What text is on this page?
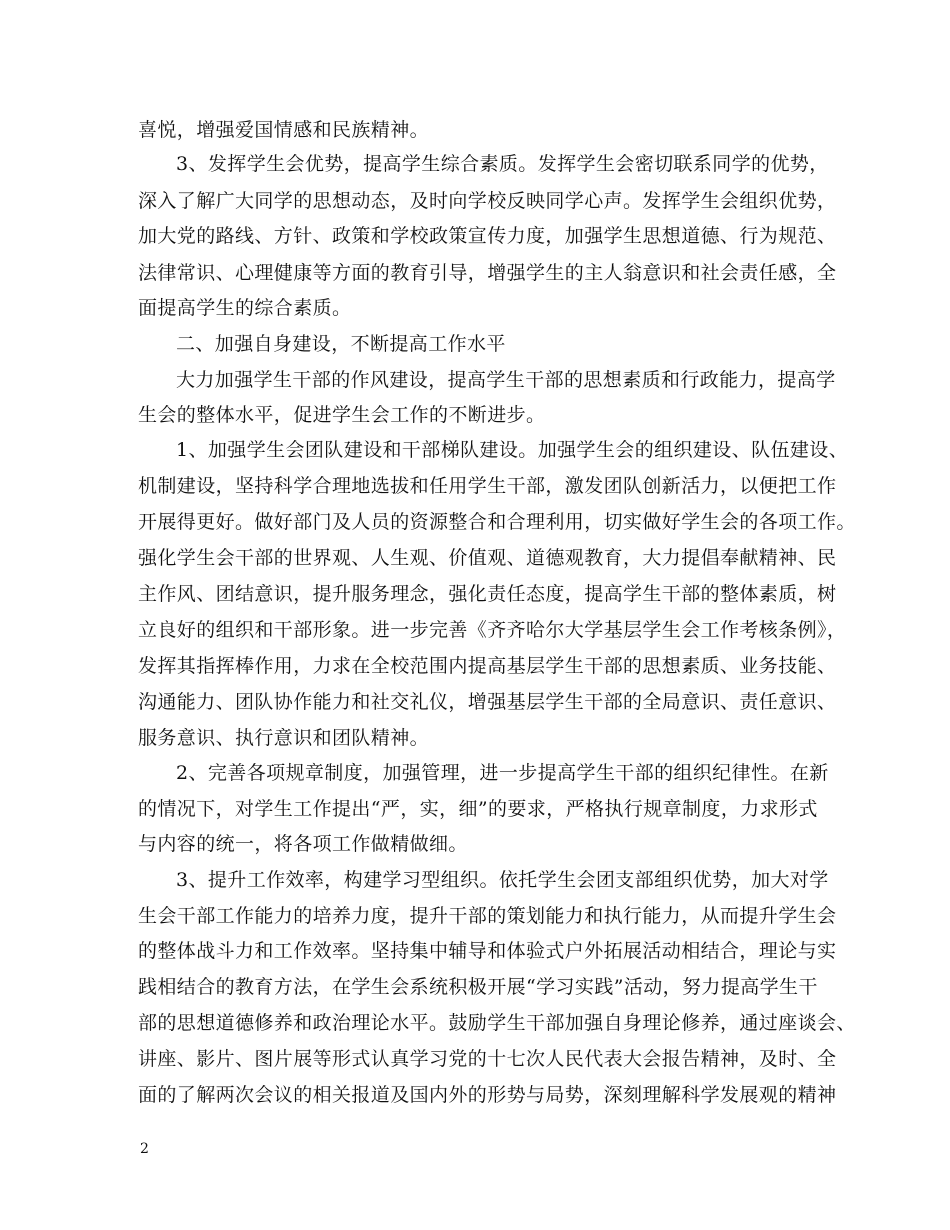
喜悦，增强爱国情感和民族精神。
3、发挥学生会优势，提高学生综合素质。发挥学生会密切联系同学的优势，
深入了解广大同学的思想动态，及时向学校反映同学心声。发挥学生会组织优势，
加大党的路线、方针、政策和学校政策宣传力度，加强学生思想道德、行为规范、
法律常识、心理健康等方面的教育引导，增强学生的主人翁意识和社会责任感，全
面提高学生的综合素质。
二、加强自身建设，不断提高工作水平
大力加强学生干部的作风建设，提高学生干部的思想素质和行政能力，提高学
生会的整体水平，促进学生会工作的不断进步。
1、加强学生会团队建设和干部梯队建设。加强学生会的组织建设、队伍建设、
机制建设，坚持科学合理地选拔和任用学生干部，激发团队创新活力，以便把工作
开展得更好。做好部门及人员的资源整合和合理利用，切实做好学生会的各项工作。
强化学生会干部的世界观、人生观、价值观、道德观教育，大力提倡奉献精神、民
主作风、团结意识，提升服务理念，强化责任态度，提高学生干部的整体素质，树
立良好的组织和干部形象。进一步完善《齐齐哈尔大学基层学生会工作考核条例》，
发挥其指挥棒作用，力求在全校范围内提高基层学生干部的思想素质、业务技能、
沟通能力、团队协作能力和社交礼仪，增强基层学生干部的全局意识、责任意识、
服务意识、执行意识和团队精神。
2、完善各项规章制度，加强管理，进一步提高学生干部的组织纪律性。在新
的情况下，对学生工作提出“严，实，细”的要求，严格执行规章制度，力求形式
与内容的统一，将各项工作做精做细。
3、提升工作效率，构建学习型组织。依托学生会团支部组织优势，加大对学
生会干部工作能力的培养力度，提升干部的策划能力和执行能力，从而提升学生会
的整体战斗力和工作效率。坚持集中辅导和体验式户外拓展活动相结合，理论与实
践相结合的教育方法，在学生会系统积极开展“学习实践”活动，努力提高学生干
部的思想道德修养和政治理论水平。鼓励学生干部加强自身理论修养，通过座谈会、
讲座、影片、图片展等形式认真学习党的十七次人民代表大会报告精神，及时、全
面的了解两次会议的相关报道及国内外的形势与局势，深刻理解科学发展观的精神
2
